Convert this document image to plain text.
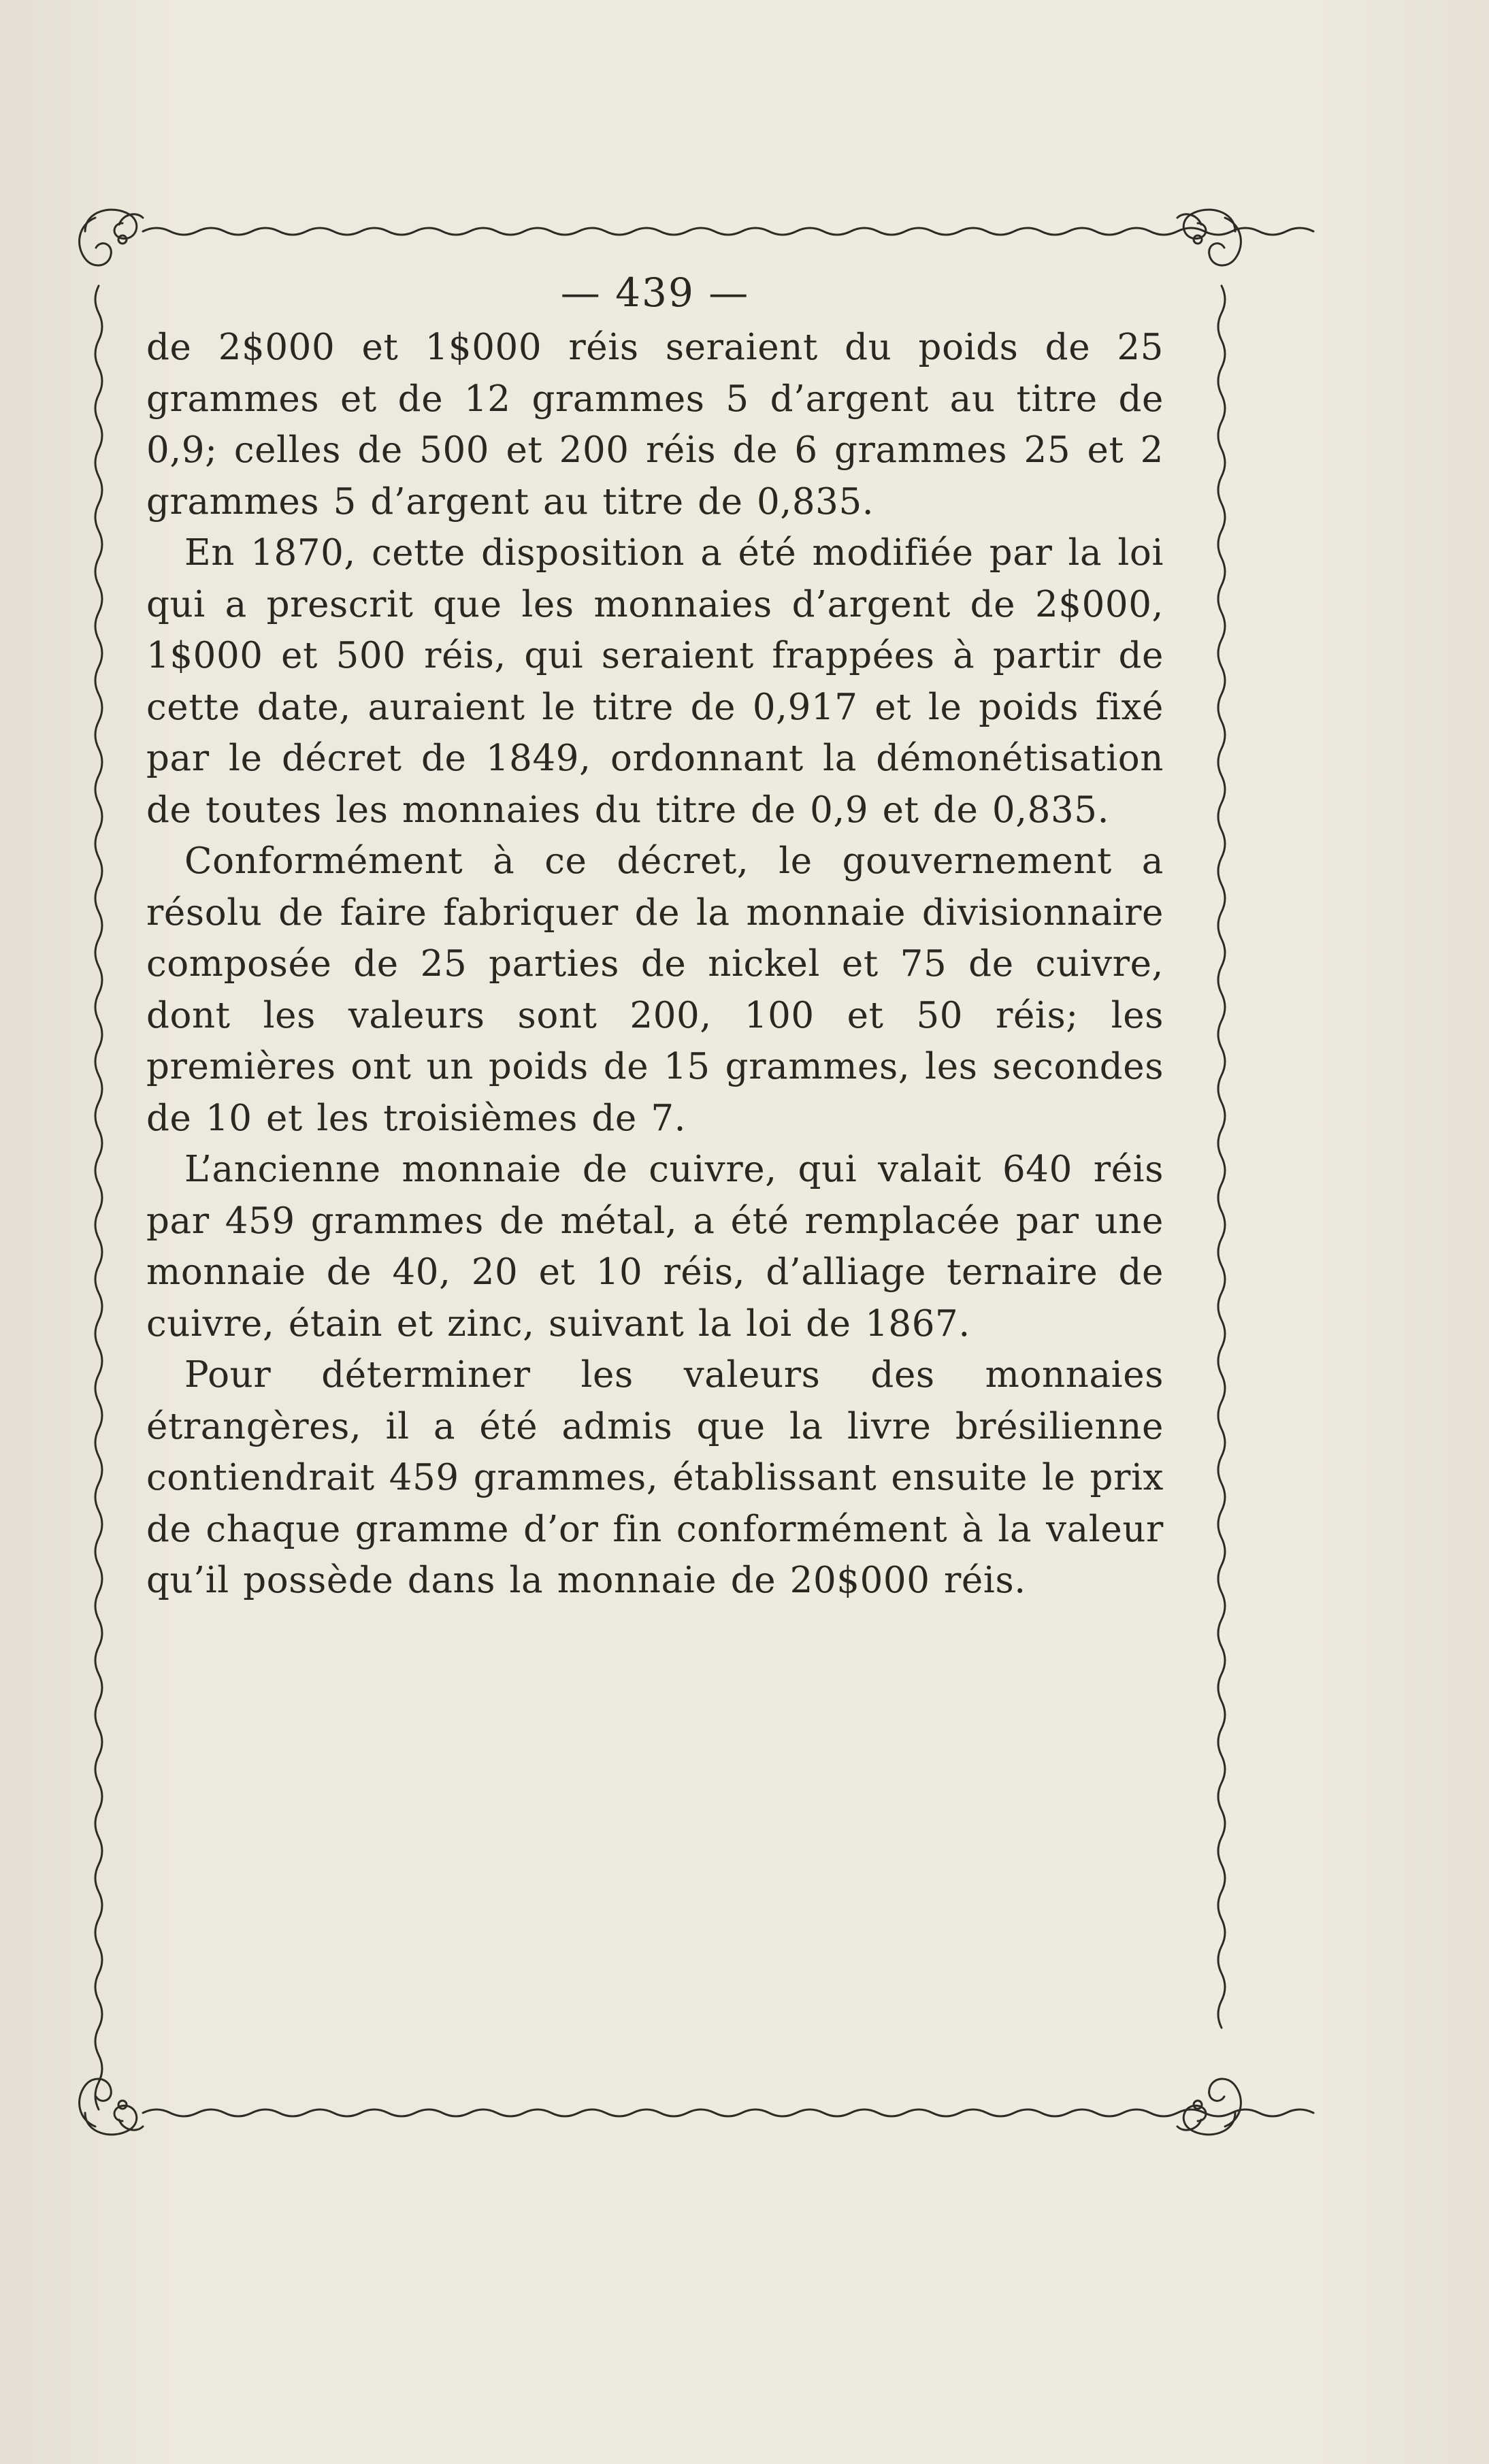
— 439 —

de 2$000 et 1$000 réis seraient du poids de 25 grammes et de 12 grammes 5 d’argent au titre de 0,9; celles de 500 et 200 réis de 6 grammes 25 et 2 grammes 5 d’argent au titre de 0,835.

En 1870, cette disposition a été modifiée par la loi qui a prescrit que les monnaies d’argent de 2$000, 1$000 et 500 réis, qui seraient frappées à partir de cette date, auraient le titre de 0,917 et le poids fixé par le décret de 1849, ordonnant la démonétisation de toutes les monnaies du titre de 0,9 et de 0,835.

Conformément à ce décret, le gouvernement a résolu de faire fabriquer de la monnaie divisionnaire composée de 25 parties de nickel et 75 de cuivre, dont les valeurs sont 200, 100 et 50 réis; les premières ont un poids de 15 grammes, les secondes de 10 et les troisièmes de 7.

L’ancienne monnaie de cuivre, qui valait 640 réis par 459 grammes de métal, a été remplacée par une monnaie de 40, 20 et 10 réis, d’alliage ternaire de cuivre, étain et zinc, suivant la loi de 1867.

Pour déterminer les valeurs des monnaies étrangères, il a été admis que la livre brésilienne contiendrait 459 grammes, établissant ensuite le prix de chaque gramme d’or fin conformément à la valeur qu’il possède dans la monnaie de 20$000 réis.
